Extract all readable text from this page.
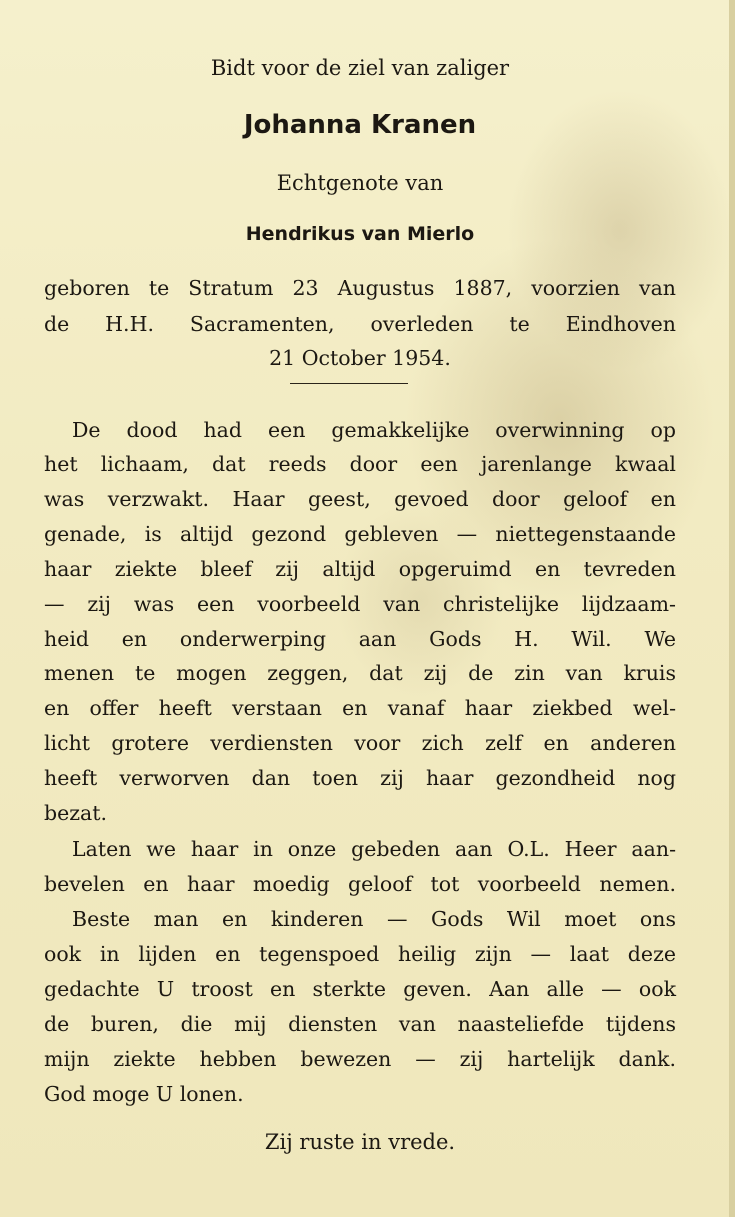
Bidt voor de ziel van zaliger
Johanna Kranen
Echtgenote van
Hendrikus van Mierlo
geboren te Stratum 23 Augustus 1887, voorzien van
de H.H. Sacramenten, overleden te Eindhoven
21 October 1954.
De dood had een gemakkelijke overwinning op
het lichaam, dat reeds door een jarenlange kwaal
was verzwakt. Haar geest, gevoed door geloof en
genade, is altijd gezond gebleven — niettegenstaande
haar ziekte bleef zij altijd opgeruimd en tevreden
— zij was een voorbeeld van christelijke lijdzaam-
heid en onderwerping aan Gods H. Wil. We
menen te mogen zeggen, dat zij de zin van kruis
en offer heeft verstaan en vanaf haar ziekbed wel-
licht grotere verdiensten voor zich zelf en anderen
heeft verworven dan toen zij haar gezondheid nog
bezat.
Laten we haar in onze gebeden aan O.L. Heer aan-
bevelen en haar moedig geloof tot voorbeeld nemen.
Beste man en kinderen — Gods Wil moet ons
ook in lijden en tegenspoed heilig zijn — laat deze
gedachte U troost en sterkte geven. Aan alle — ook
de buren, die mij diensten van naasteliefde tijdens
mijn ziekte hebben bewezen — zij hartelijk dank.
God moge U lonen.
Zij ruste in vrede.
